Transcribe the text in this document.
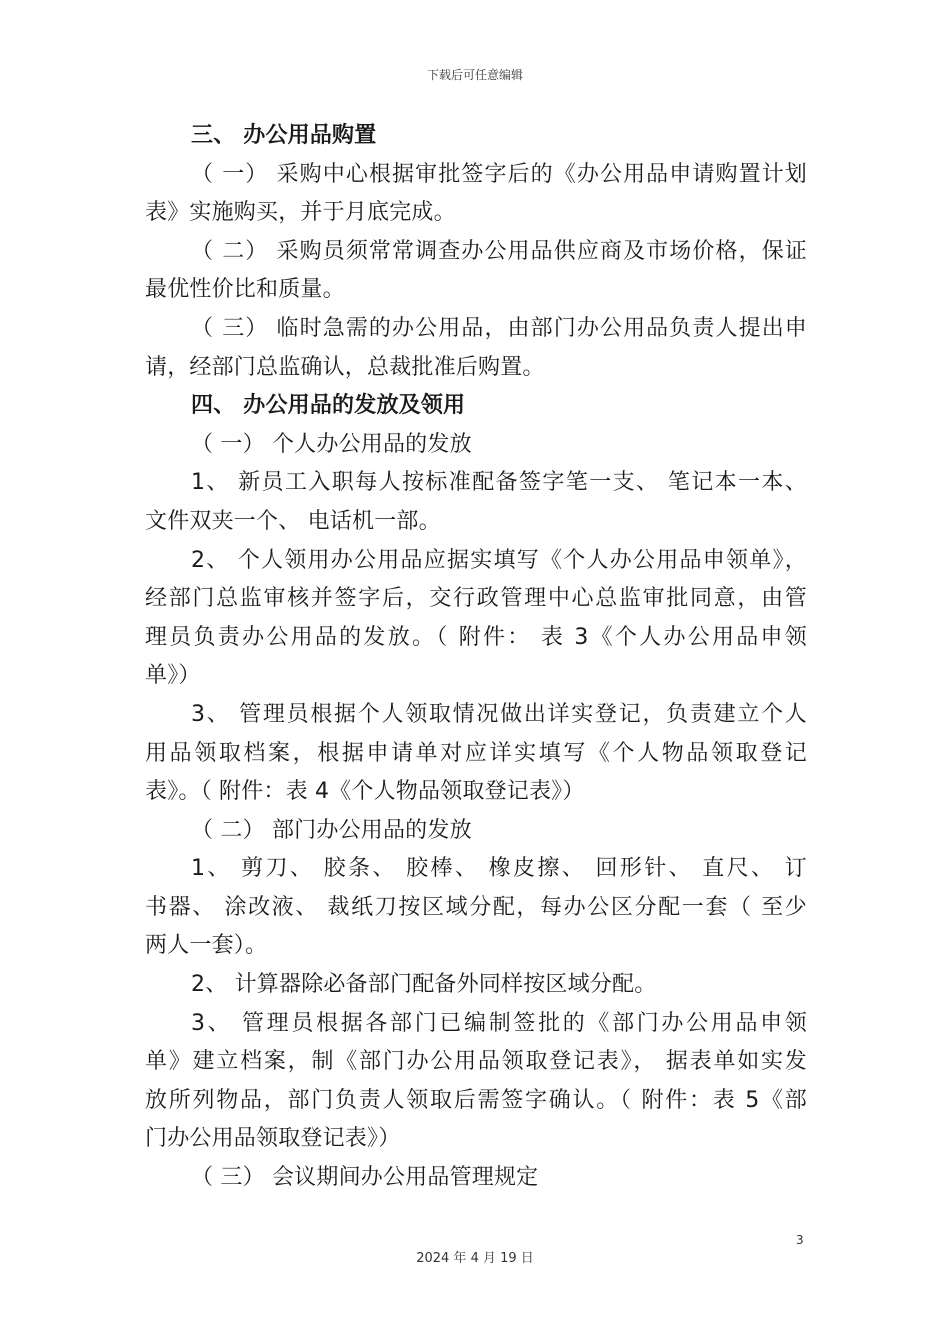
下载后可任意编辑
三、 办公用品购置
（ 一） 采购中心根据审批签字后的《办公用品申请购置计划
表》实施购买，并于月底完成。
（ 二） 采购员须常常调查办公用品供应商及市场价格，保证
最优性价比和质量。
（ 三） 临时急需的办公用品，由部门办公用品负责人提出申
请，经部门总监确认，总裁批准后购置。
四、 办公用品的发放及领用
（ 一） 个人办公用品的发放
1、 新员工入职每人按标准配备签字笔一支、 笔记本一本、
文件双夹一个、 电话机一部。
2、 个人领用办公用品应据实填写《个人办公用品申领单》，
经部门总监审核并签字后，交行政管理中心总监审批同意，由管
理员负责办公用品的发放。（ 附件： 表 3《个人办公用品申领
单》）
3、 管理员根据个人领取情况做出详实登记，负责建立个人
用品领取档案，根据申请单对应详实填写《个人物品领取登记
表》。（ 附件：表 4《个人物品领取登记表》）
（ 二） 部门办公用品的发放
1、 剪刀、 胶条、 胶棒、 橡皮擦、 回形针、 直尺、 订
书器、 涂改液、 裁纸刀按区域分配，每办公区分配一套（ 至少
两人一套）。
2、 计算器除必备部门配备外同样按区域分配。
3、 管理员根据各部门已编制签批的《部门办公用品申领
单》建立档案，制《部门办公用品领取登记表》， 据表单如实发
放所列物品，部门负责人领取后需签字确认。（ 附件：表 5《部
门办公用品领取登记表》）
（ 三） 会议期间办公用品管理规定
3
2024 年 4 月 19 日
